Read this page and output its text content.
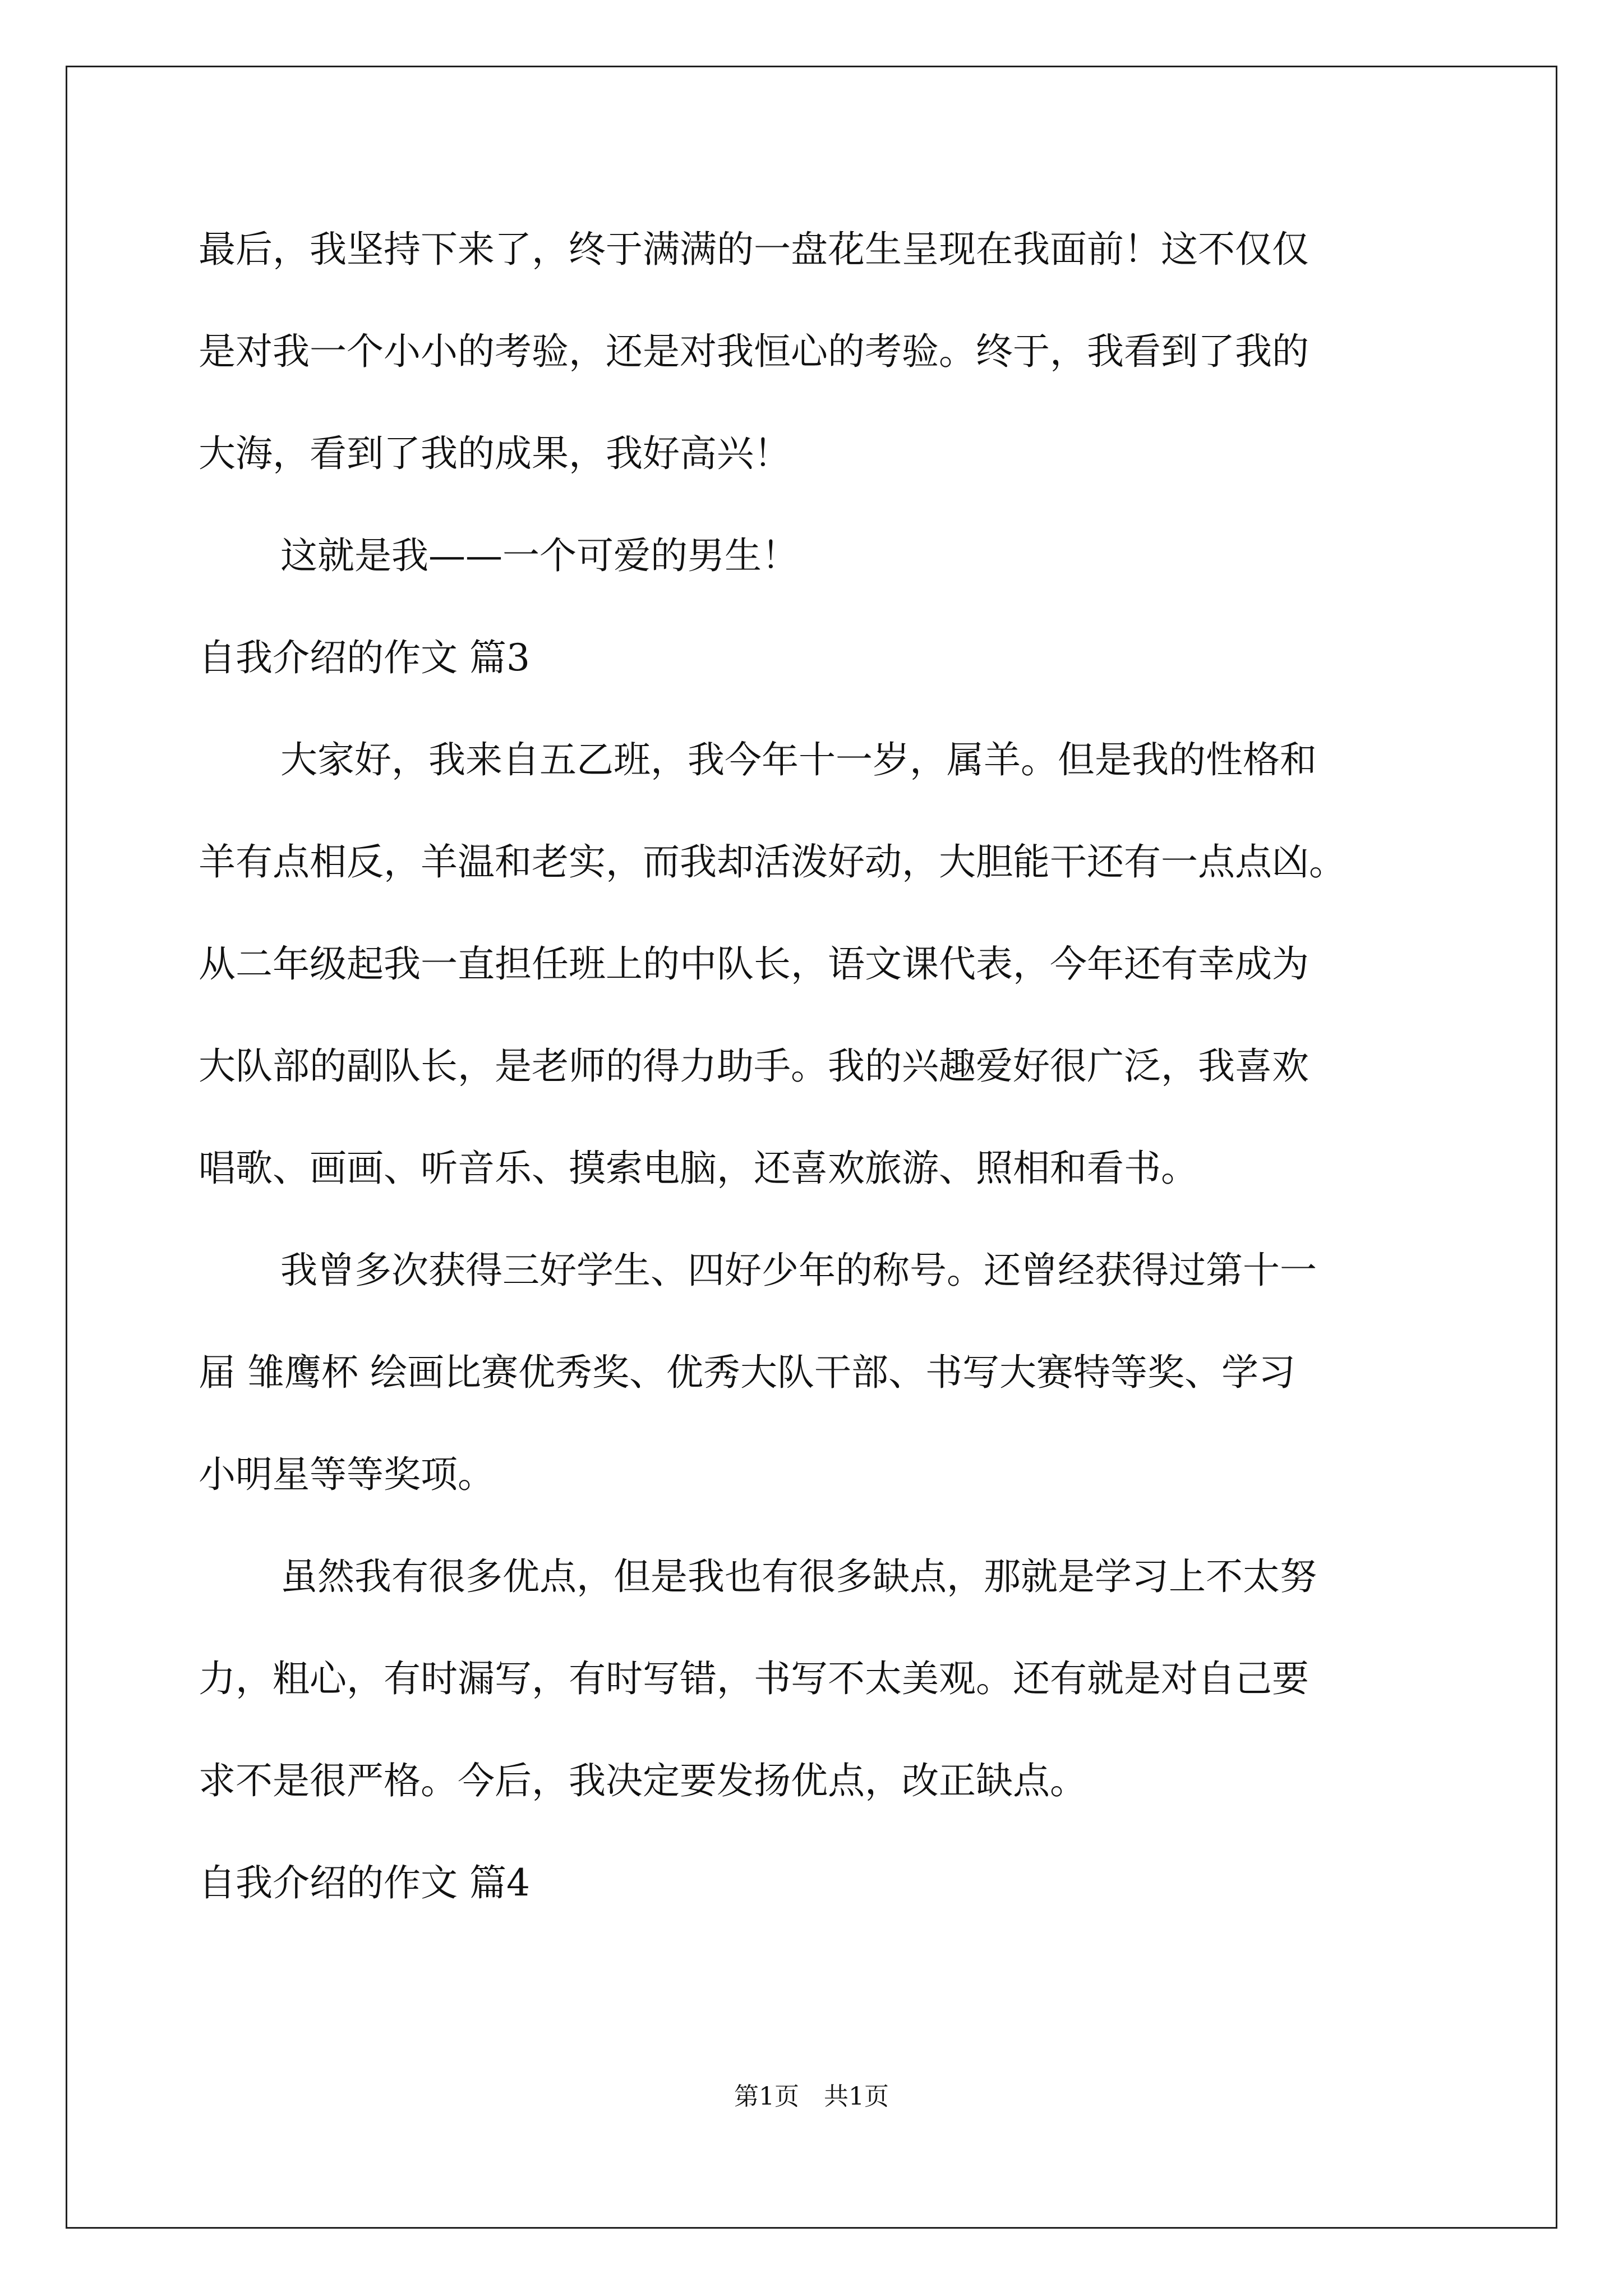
最后，我坚持下来了，终于满满的一盘花生呈现在我面前！这不仅仅
是对我一个小小的考验，还是对我恒心的考验。终于，我看到了我的
大海，看到了我的成果，我好高兴！
这就是我——一个可爱的男生！
自我介绍的作文 篇3
大家好，我来自五乙班，我今年十一岁，属羊。但是我的性格和
羊有点相反，羊温和老实，而我却活泼好动，大胆能干还有一点点凶。
从二年级起我一直担任班上的中队长，语文课代表，今年还有幸成为
大队部的副队长，是老师的得力助手。我的兴趣爱好很广泛，我喜欢
唱歌、画画、听音乐、摸索电脑，还喜欢旅游、照相和看书。
我曾多次获得三好学生、四好少年的称号。还曾经获得过第十一
届 雏鹰杯 绘画比赛优秀奖、优秀大队干部、书写大赛特等奖、学习
小明星等等奖项。
虽然我有很多优点，但是我也有很多缺点，那就是学习上不太努
力，粗心，有时漏写，有时写错，书写不太美观。还有就是对自己要
求不是很严格。今后，我决定要发扬优点，改正缺点。
自我介绍的作文 篇4
第1页　共1页
